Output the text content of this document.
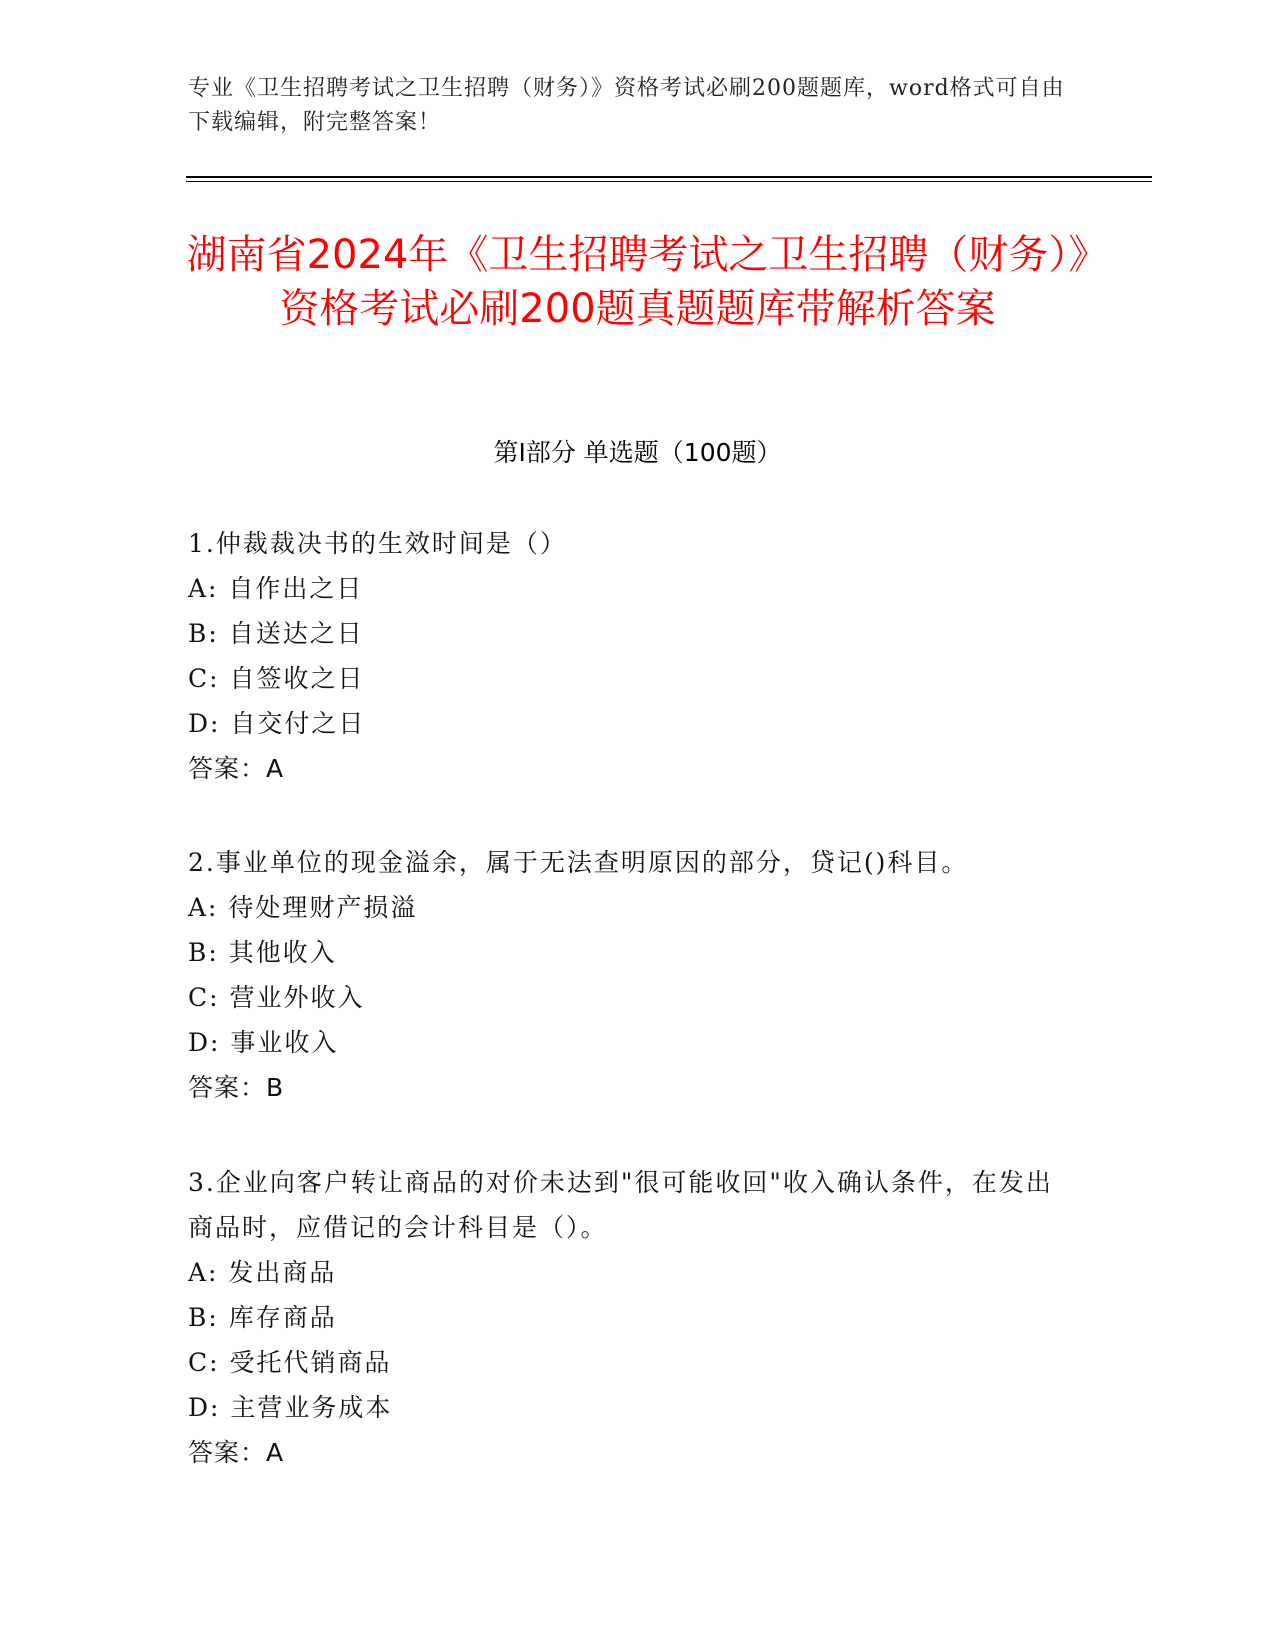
专业《卫生招聘考试之卫生招聘（财务）》资格考试必刷200题题库，word格式可自由下载编辑，附完整答案！
湖南省2024年《卫生招聘考试之卫生招聘（财务）》资格考试必刷200题真题题库带解析答案
第I部分 单选题（100题）
1.仲裁裁决书的生效时间是（）
A: 自作出之日
B: 自送达之日
C: 自签收之日
D: 自交付之日
答案：A
2.事业单位的现金溢余，属于无法查明原因的部分，贷记()科目。
A: 待处理财产损溢
B: 其他收入
C: 营业外收入
D: 事业收入
答案：B
3.企业向客户转让商品的对价未达到"很可能收回"收入确认条件，在发出商品时，应借记的会计科目是（）。
A: 发出商品
B: 库存商品
C: 受托代销商品
D: 主营业务成本
答案：A
